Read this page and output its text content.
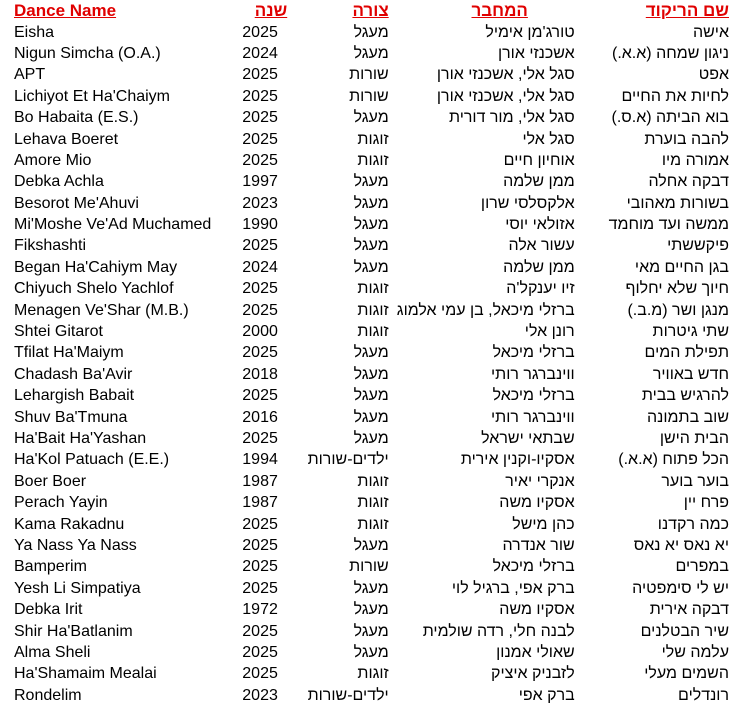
Dance Name	שנה	צורה	המחבר	שם הריקוד
Eisha	2025	מעגל	טורג'מן אימיל	אישה
Nigun Simcha (O.A.)	2024	מעגל	אשכנזי אורן	ניגון שמחה (א.א.)
APT	2025	שורות	סגל אלי, אשכנזי אורן	אפט
Lichiyot Et Ha'Chaiym	2025	שורות	סגל אלי, אשכנזי אורן	לחיות את החיים
Bo Habaita (E.S.)	2025	מעגל	סגל אלי, מור דורית	בוא הביתה (א.ס.)
Lehava Boeret	2025	זוגות	סגל אלי	להבה בוערת
Amore Mio	2025	זוגות	אוחיון חיים	אמורה מיו
Debka Achla	1997	מעגל	ממן שלמה	דבקה אחלה
Besorot Me'Ahuvi	2023	מעגל	אלקסלסי שרון	בשורות מאהובי
Mi'Moshe Ve'Ad Muchamed	1990	מעגל	אזולאי יוסי	ממשה ועד מוחמד
Fikshashti	2025	מעגל	עשור אלה	פיקששתי
Began Ha'Cahiym May	2024	מעגל	ממן שלמה	בגן החיים מאי
Chiyuch Shelo Yachlof	2025	זוגות	זיו יענקל'ה	חיוך שלא יחלוף
Menagen Ve'Shar (M.B.)	2025	זוגות	ברזלי מיכאל, בן עמי אלמוג	מנגן ושר (מ.ב.)
Shtei Gitarot	2000	זוגות	רונן אלי	שתי גיטרות
Tfilat Ha'Maiym	2025	מעגל	ברזלי מיכאל	תפילת המים
Chadash Ba'Avir	2018	מעגל	ווינברגר רותי	חדש באוויר
Lehargish Babait	2025	מעגל	ברזלי מיכאל	להרגיש בבית
Shuv Ba'Tmuna	2016	מעגל	ווינברגר רותי	שוב בתמונה
Ha'Bait Ha'Yashan	2025	מעגל	שבתאי ישראל	הבית הישן
Ha'Kol Patuach (E.E.)	1994	ילדים-שורות	אסקיו-וקנין אירית	הכל פתוח (א.א.)
Boer Boer	1987	זוגות	אנקרי יאיר	בוער בוער
Perach Yayin	1987	זוגות	אסקיו משה	פרח יין
Kama Rakadnu	2025	זוגות	כהן מישל	כמה רקדנו
Ya Nass Ya Nass	2025	מעגל	שור אנדרה	יא נאס יא נאס
Bamperim	2025	שורות	ברזלי מיכאל	במפרים
Yesh Li Simpatiya	2025	מעגל	ברק אפי, ברגיל לוי	יש לי סימפטיה
Debka Irit	1972	מעגל	אסקיו משה	דבקה אירית
Shir Ha'Batlanim	2025	מעגל	לבנה חלי, רדה שולמית	שיר הבטלנים
Alma Sheli	2025	מעגל	שאולי אמנון	עלמה שלי
Ha'Shamaim Mealai	2025	זוגות	לזבניק איציק	השמים מעלי
Rondelim	2023	ילדים-שורות	ברק אפי	רונדלים
